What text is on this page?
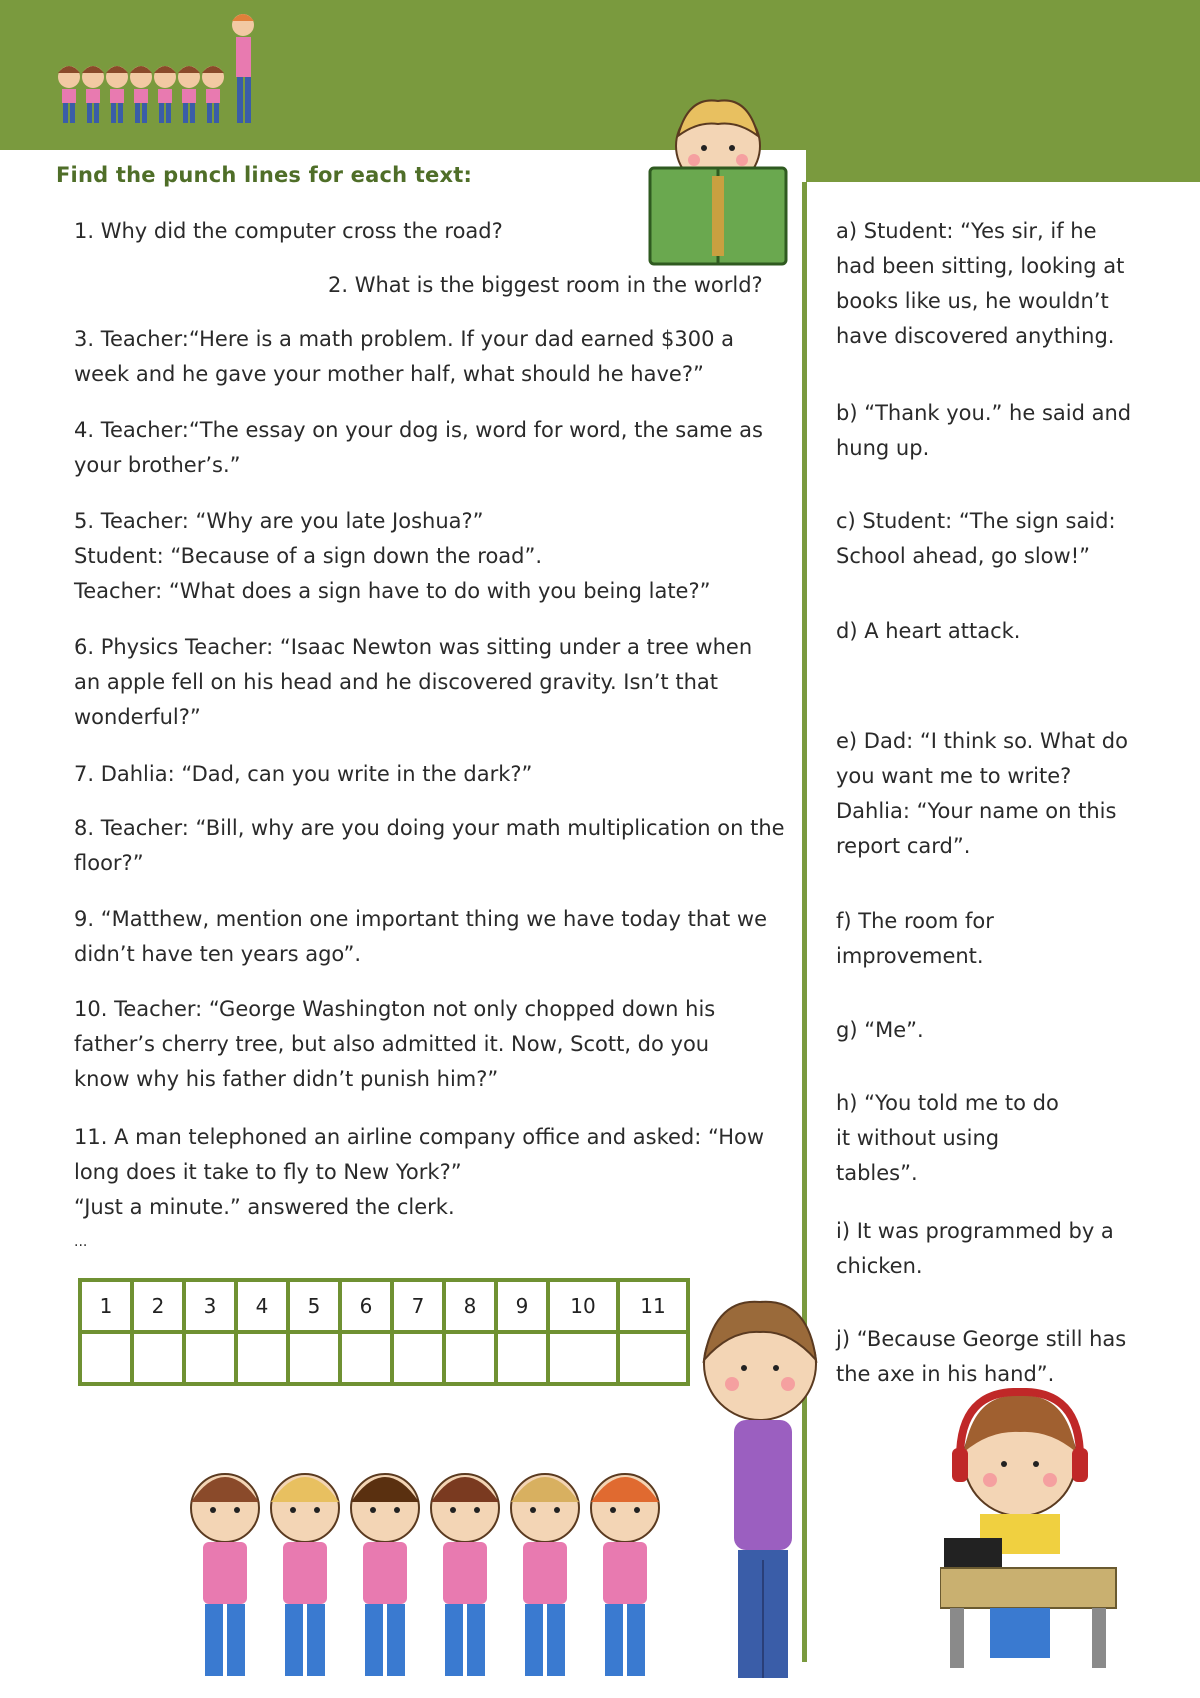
Find the punch lines for each text:
1. Why did the computer cross the road?
2. What is the biggest room in the world?
3. Teacher:“Here is a math problem. If your dad earned $300 a
week and he gave your mother half, what should he have?”
4. Teacher:“The essay on your dog is, word for word, the same as
your brother’s.”
5. Teacher: “Why are you late Joshua?”
Student: “Because of a sign down the road”.
Teacher: “What does a sign have to do with you being late?”
6. Physics Teacher: “Isaac Newton was sitting under a tree when
an apple fell on his head and he discovered gravity. Isn’t that
wonderful?”
7. Dahlia: “Dad, can you write in the dark?”
8. Teacher: “Bill, why are you doing your math multiplication on the
floor?”
9. “Matthew, mention one important thing we have today that we
didn’t have ten years ago”.
10. Teacher: “George Washington not only chopped down his
father’s cherry tree, but also admitted it. Now, Scott, do you
know why his father didn’t punish him?”
11. A man telephoned an airline company office and asked: “How
long does it take to fly to New York?”
“Just a minute.” answered the clerk.
...
1	2	3	4	5	6	7	8	9	10	11

a) Student: “Yes sir, if he
had been sitting, looking at
books like us, he wouldn’t
have discovered anything.
b) “Thank you.” he said and
hung up.
c) Student: “The sign said:
School ahead, go slow!”
d) A heart attack.
e) Dad: “I think so. What do
you want me to write?
Dahlia: “Your name on this
report card”.
f) The room for
improvement.
g) “Me”.
h) “You told me to do
it without using
tables”.
i) It was programmed by a
chicken.
j) “Because George still has
the axe in his hand”.
